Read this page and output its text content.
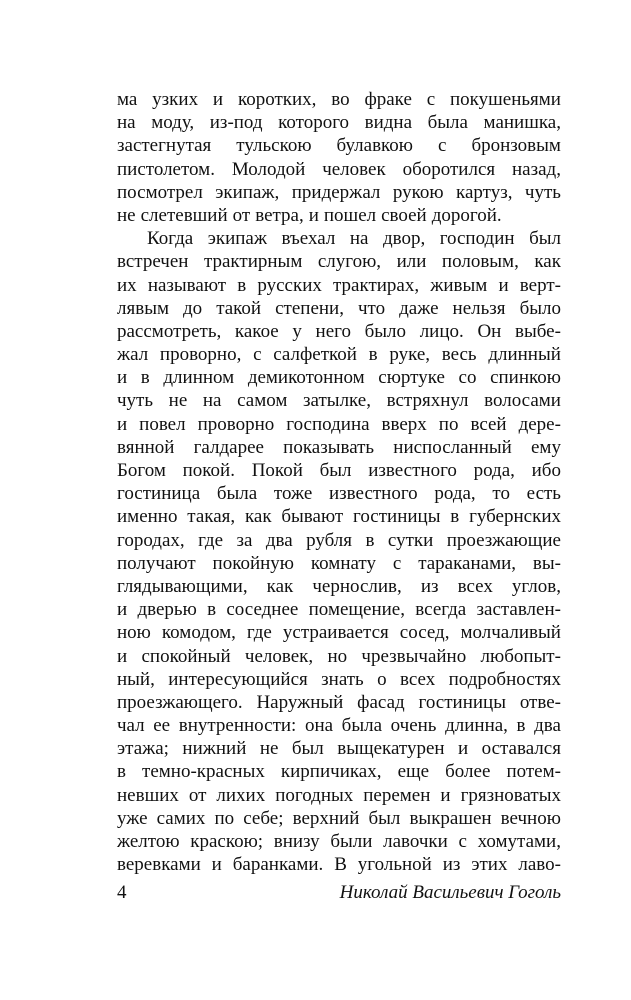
ма узких и коротких, во фраке с покушеньями
на моду, из-под которого видна была манишка,
застегнутая тульскою булавкою с бронзовым
пистолетом. Молодой человек оборотился назад,
посмотрел экипаж, придержал рукою картуз, чуть
не слетевший от ветра, и пошел своей дорогой.
Когда экипаж въехал на двор, господин был
встречен трактирным слугою, или половым, как
их называют в русских трактирах, живым и верт-
лявым до такой степени, что даже нельзя было
рассмотреть, какое у него было лицо. Он выбе-
жал проворно, с салфеткой в руке, весь длинный
и в длинном демикотонном сюртуке со спинкою
чуть не на самом затылке, встряхнул волосами
и повел проворно господина вверх по всей дере-
вянной галдарее показывать ниспосланный ему
Богом покой. Покой был известного рода, ибо
гостиница была тоже известного рода, то есть
именно такая, как бывают гостиницы в губернских
городах, где за два рубля в сутки проезжающие
получают покойную комнату с тараканами, вы-
глядывающими, как чернослив, из всех углов,
и дверью в соседнее помещение, всегда заставлен-
ною комодом, где устраивается сосед, молчаливый
и спокойный человек, но чрезвычайно любопыт-
ный, интересующийся знать о всех подробностях
проезжающего. Наружный фасад гостиницы отве-
чал ее внутренности: она была очень длинна, в два
этажа; нижний не был выщекатурен и оставался
в темно-красных кирпичиках, еще более потем-
невших от лихих погодных перемен и грязноватых
уже самих по себе; верхний был выкрашен вечною
желтою краскою; внизу были лавочки с хомутами,
веревками и баранками. В угольной из этих лаво-
4	Николай Васильевич Гоголь
